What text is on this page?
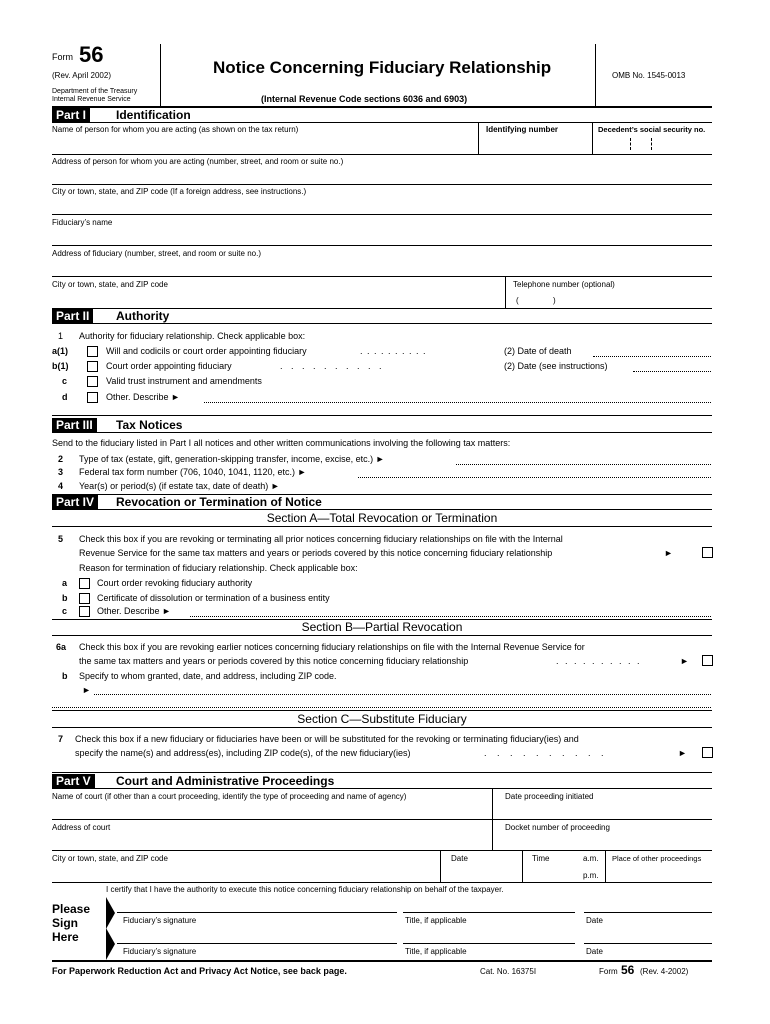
Form 56
(Rev. April 2002)
Department of the Treasury
Internal Revenue Service
Notice Concerning Fiduciary Relationship
(Internal Revenue Code sections 6036 and 6903)
OMB No. 1545-0013
Part I	Identification
Name of person for whom you are acting (as shown on the tax return)	Identifying number	Decedent’s social security no.
Address of person for whom you are acting (number, street, and room or suite no.)
City or town, state, and ZIP code (If a foreign address, see instructions.)
Fiduciary’s name
Address of fiduciary (number, street, and room or suite no.)
City or town, state, and ZIP code	Telephone number (optional)
(	)
Part II	Authority
1 Authority for fiduciary relationship. Check applicable box:
a(1)	Will and codicils or court order appointing fiduciary	. . . . . . . . . .	(2) Date of death
b(1)	Court order appointing fiduciary	. . . . . . . . . .	(2) Date (see instructions)
c	Valid trust instrument and amendments
d	Other. Describe ►
Part III	Tax Notices
Send to the fiduciary listed in Part I all notices and other written communications involving the following tax matters:
2 Type of tax (estate, gift, generation-skipping transfer, income, excise, etc.) ►
3 Federal tax form number (706, 1040, 1041, 1120, etc.) ►
4 Year(s) or period(s) (if estate tax, date of death) ►
Part IV	Revocation or Termination of Notice
Section A—Total Revocation or Termination
5 Check this box if you are revoking or terminating all prior notices concerning fiduciary relationships on file with the Internal
Revenue Service for the same tax matters and years or periods covered by this notice concerning fiduciary relationship	►
Reason for termination of fiduciary relationship. Check applicable box:
a	Court order revoking fiduciary authority
b	Certificate of dissolution or termination of a business entity
c	Other. Describe ►
Section B—Partial Revocation
6a Check this box if you are revoking earlier notices concerning fiduciary relationships on file with the Internal Revenue Service for
the same tax matters and years or periods covered by this notice concerning fiduciary relationship	. . . . . . . . . .	►
b Specify to whom granted, date, and address, including ZIP code.
►
Section C—Substitute Fiduciary
7 Check this box if a new fiduciary or fiduciaries have been or will be substituted for the revoking or terminating fiduciary(ies) and
specify the name(s) and address(es), including ZIP code(s), of the new fiduciary(ies)	. . . . . . . . . .	►
Part V	Court and Administrative Proceedings
Name of court (if other than a court proceeding, identify the type of proceeding and name of agency)	Date proceeding initiated
Address of court	Docket number of proceeding
City or town, state, and ZIP code	Date	Time	a.m.
p.m.
Place of other proceedings
I certify that I have the authority to execute this notice concerning fiduciary relationship on behalf of the taxpayer.
Please
Sign
Here
Fiduciary’s signature	Title, if applicable	Date
Fiduciary’s signature	Title, if applicable	Date
For Paperwork Reduction Act and Privacy Act Notice, see back page.	Cat. No. 16375I	Form 56 (Rev. 4-2002)
